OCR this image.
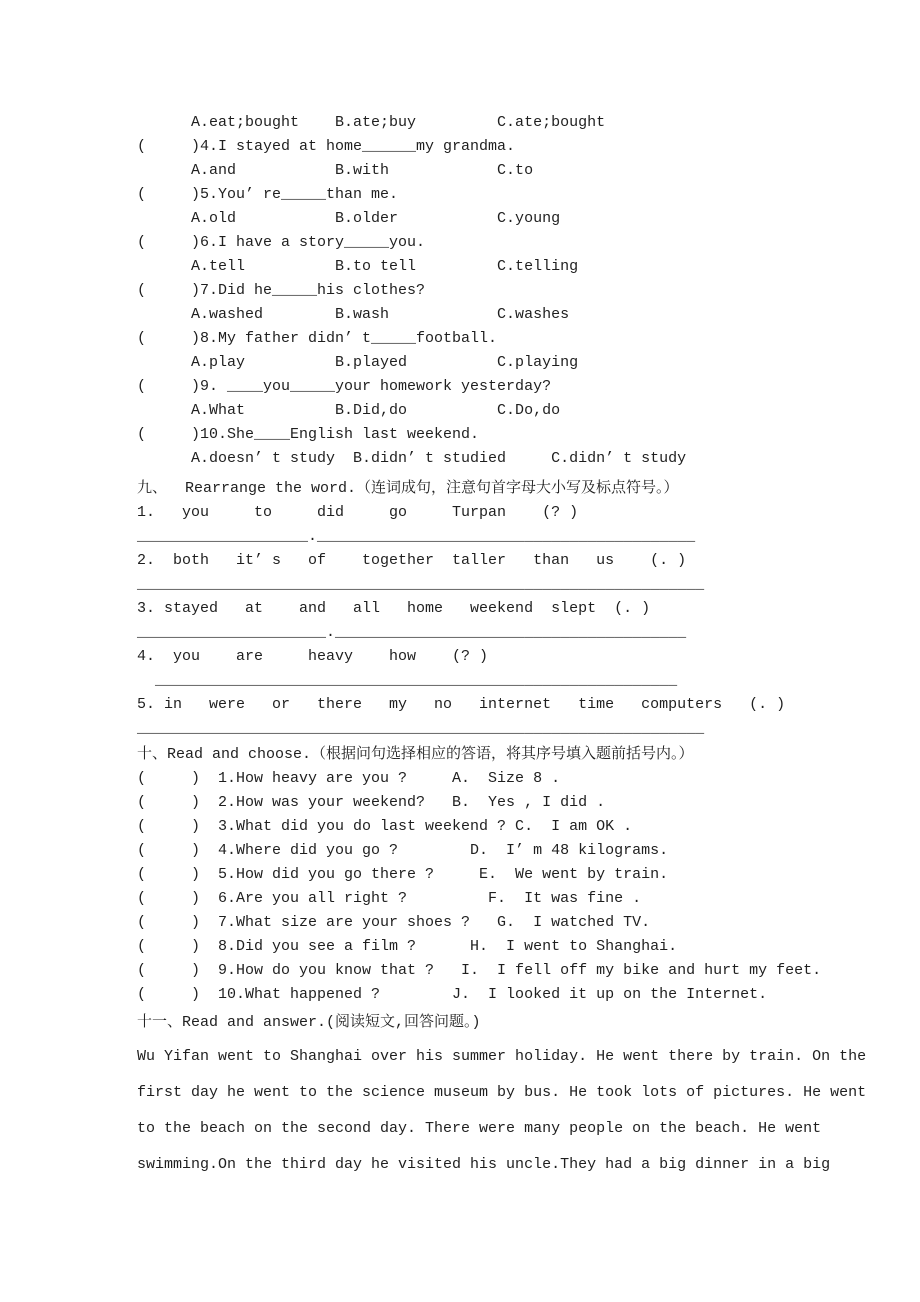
A.eat;bought    B.ate;buy         C.ate;bought
(     )4.I stayed at home______my grandma.
A.and           B.with            C.to
(     )5.You’ re_____than me.
A.old           B.older           C.young
(     )6.I have a story_____you.
A.tell          B.to tell         C.telling
(     )7.Did he_____his clothes?
A.washed        B.wash            C.washes
(     )8.My father didn’ t_____football.
A.play          B.played          C.playing
(     )9. ____you_____your homework yesterday?
A.What          B.Did,do          C.Do,do
(     )10.She____English last weekend.
A.doesn’ t study  B.didn’ t studied     C.didn’ t study
九、  Rearrange the word.（连词成句，注意句首字母大小写及标点符号。）
1.   you     to     did     go     Turpan    (? )
___________________.__________________________________________
2.  both   it’ s   of    together  taller   than   us    (. )
_______________________________________________________________
3. stayed   at    and   all   home   weekend  slept  (. )
_____________________._______________________________________
4.  you    are     heavy    how    (? )
__________________________________________________________
5. in   were   or   there   my   no   internet   time   computers   (. )
_______________________________________________________________
十、Read and choose.（根据问句选择相应的答语，将其序号填入题前括号内。）
(     )  1.How heavy are you ?     A.  Size 8 .
(     )  2.How was your weekend?   B.  Yes , I did .
(     )  3.What did you do last weekend ? C.  I am OK .
(     )  4.Where did you go ?        D.  I’ m 48 kilograms.
(     )  5.How did you go there ?     E.  We went by train.
(     )  6.Are you all right ?         F.  It was fine .
(     )  7.What size are your shoes ?   G.  I watched TV.
(     )  8.Did you see a film ?      H.  I went to Shanghai.
(     )  9.How do you know that ?   I.  I fell off my bike and hurt my feet.
(     )  10.What happened ?        J.  I looked it up on the Internet.
十一、Read and answer.(阅读短文,回答问题。)
Wu Yifan went to Shanghai over his summer holiday. He went there by train. On the
first day he went to the science museum by bus. He took lots of pictures. He went
to the beach on the second day. There were many people on the beach. He went
swimming.On the third day he visited his uncle.They had a big dinner in a big
